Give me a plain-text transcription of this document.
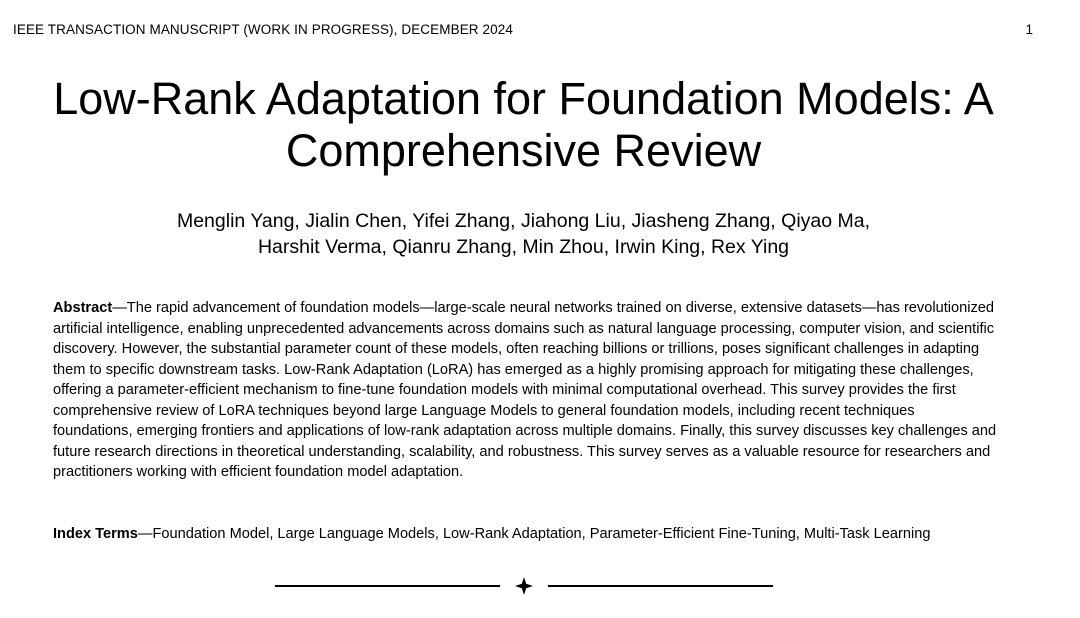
IEEE TRANSACTION MANUSCRIPT (WORK IN PROGRESS), DECEMBER 2024	1
Low-Rank Adaptation for Foundation Models: A
Comprehensive Review
Menglin Yang, Jialin Chen, Yifei Zhang, Jiahong Liu, Jiasheng Zhang, Qiyao Ma,
Harshit Verma, Qianru Zhang, Min Zhou, Irwin King, Rex Ying

Abstract—The rapid advancement of foundation models—large-scale neural networks trained on diverse, extensive datasets—has revolutionized artificial intelligence, enabling unprecedented advancements across domains such as natural language processing, computer vision, and scientific discovery. However, the substantial parameter count of these models, often reaching billions or trillions, poses significant challenges in adapting them to specific downstream tasks. Low-Rank Adaptation (LoRA) has emerged as a highly promising approach for mitigating these challenges, offering a parameter-efficient mechanism to fine-tune foundation models with minimal computational overhead. This survey provides the first comprehensive review of LoRA techniques beyond large Language Models to general foundation models, including recent techniques foundations, emerging frontiers and applications of low-rank adaptation across multiple domains. Finally, this survey discusses key challenges and future research directions in theoretical understanding, scalability, and robustness. This survey serves as a valuable resource for researchers and practitioners working with efficient foundation model adaptation.

Index Terms—Foundation Model, Large Language Models, Low-Rank Adaptation, Parameter-Efficient Fine-Tuning, Multi-Task Learning
